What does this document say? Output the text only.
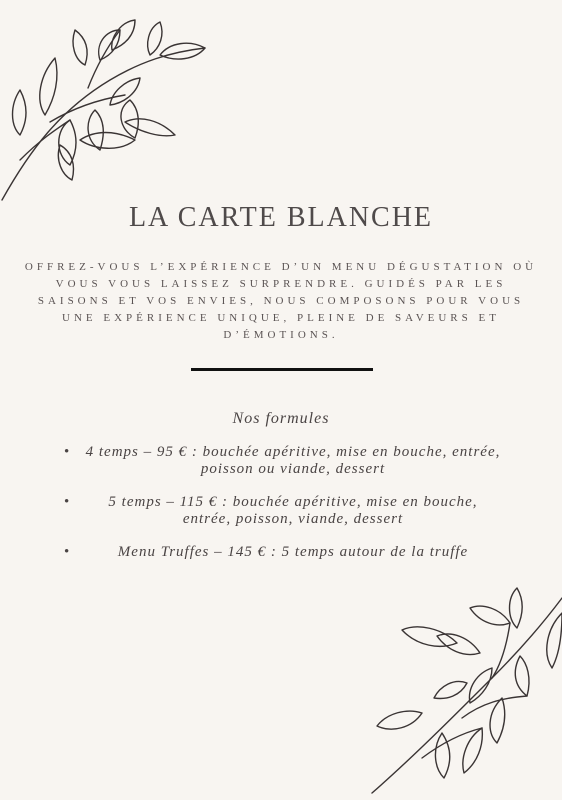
LA CARTE BLANCHE

OFFREZ-VOUS L’EXPÉRIENCE D’UN MENU DÉGUSTATION OÙ VOUS VOUS LAISSEZ SURPRENDRE. GUIDÉS PAR LES SAISONS ET VOS ENVIES, NOUS COMPOSONS POUR VOUS UNE EXPÉRIENCE UNIQUE, PLEINE DE SAVEURS ET D’ÉMOTIONS.

Nos formules
• 4 temps – 95 € : bouchée apéritive, mise en bouche, entrée, poisson ou viande, dessert
•	5 temps – 115 € : bouchée apéritive, mise en bouche, entrée, poisson, viande, dessert
•	Menu Truffes – 145 € : 5 temps autour de la truffe
